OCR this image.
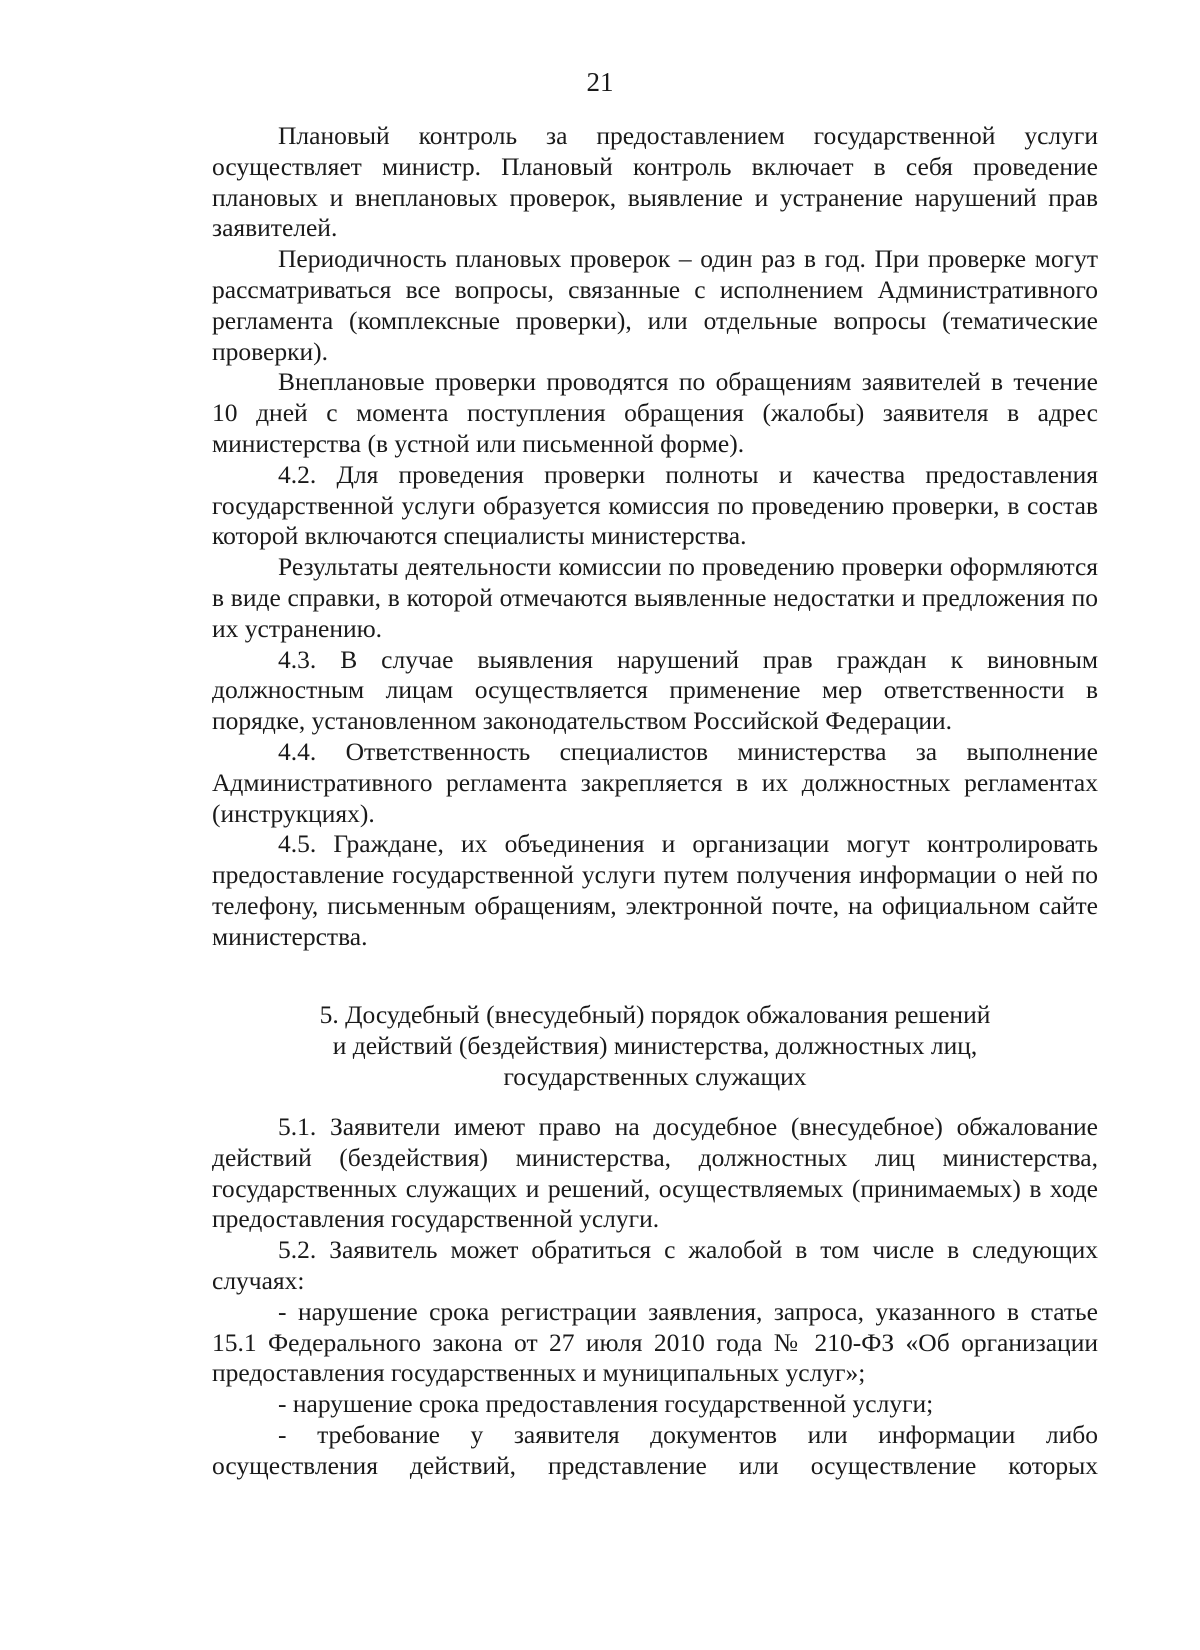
21

Плановый контроль за предоставлением государственной услуги осуществляет министр. Плановый контроль включает в себя проведение плановых и внеплановых проверок, выявление и устранение нарушений прав заявителей.

Периодичность плановых проверок – один раз в год. При проверке могут рассматриваться все вопросы, связанные с исполнением Административного регламента (комплексные проверки), или отдельные вопросы (тематические проверки).

Внеплановые проверки проводятся по обращениям заявителей в течение 10 дней с момента поступления обращения (жалобы) заявителя в адрес министерства (в устной или письменной форме).

4.2. Для проведения проверки полноты и качества предоставления государственной услуги образуется комиссия по проведению проверки, в состав которой включаются специалисты министерства.

Результаты деятельности комиссии по проведению проверки оформляются в виде справки, в которой отмечаются выявленные недостатки и предложения по их устранению.

4.3. В случае выявления нарушений прав граждан к виновным должностным лицам осуществляется применение мер ответственности в порядке, установленном законодательством Российской Федерации.

4.4. Ответственность специалистов министерства за выполнение Административного регламента закрепляется в их должностных регламентах (инструкциях).

4.5. Граждане, их объединения и организации могут контролировать предоставление государственной услуги путем получения информации о ней по телефону, письменным обращениям, электронной почте, на официальном сайте министерства.

5. Досудебный (внесудебный) порядок обжалования решений
и действий (бездействия) министерства, должностных лиц,
государственных служащих

5.1. Заявители имеют право на досудебное (внесудебное) обжалование действий (бездействия) министерства, должностных лиц министерства, государственных служащих и решений, осуществляемых (принимаемых) в ходе предоставления государственной услуги.

5.2. Заявитель может обратиться с жалобой в том числе в следующих случаях:

- нарушение срока регистрации заявления, запроса, указанного в статье 15.1 Федерального закона от 27 июля 2010 года № 210-ФЗ «Об организации предоставления государственных и муниципальных услуг»;

- нарушение срока предоставления государственной услуги;

- требование у заявителя документов или информации либо осуществления действий, представление или осуществление которых
